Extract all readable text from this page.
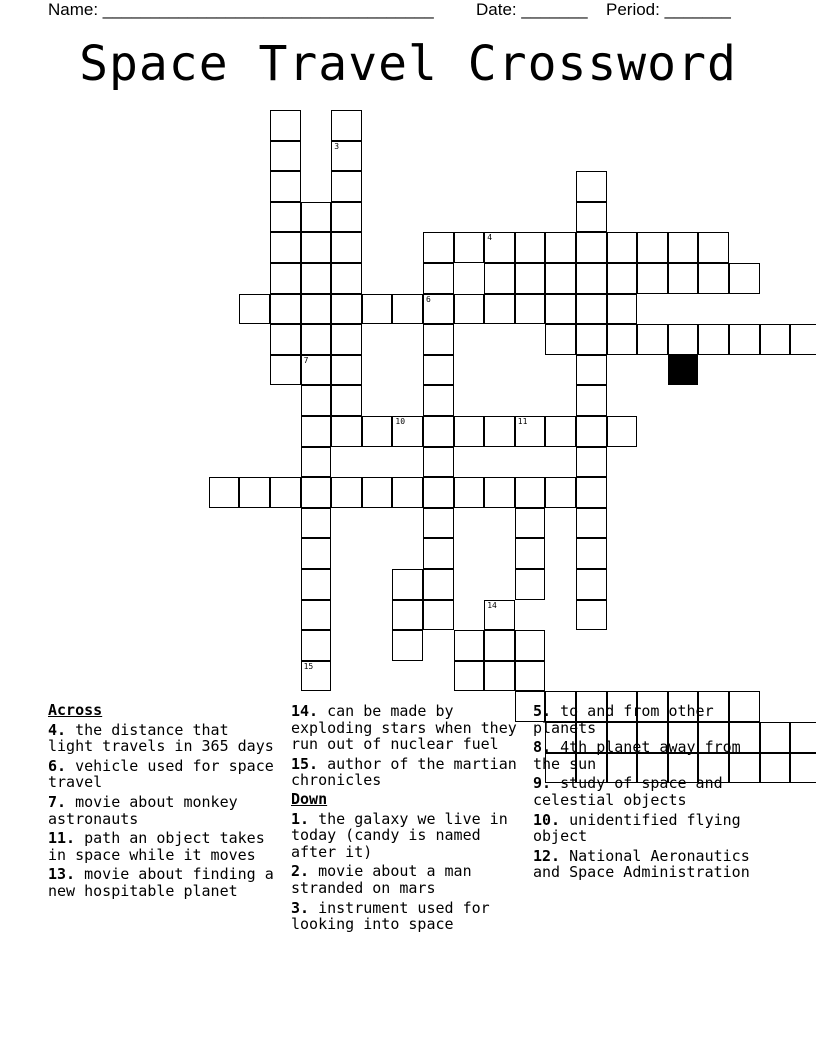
Name: ___________________________________ Date: _______ Period: _______
Space Travel Crossword
3
7
15
6
4
10	11
14
Across
4. the distance that light travels in 365 days
6. vehicle used for space travel
7. movie about monkey astronauts
11. path an object takes in space while it moves
13. movie about finding a new hospitable planet
14. can be made by exploding stars when they run out of nuclear fuel
15. author of the martian chronicles
Down
1. the galaxy we live in today (candy is named after it)
2. movie about a man stranded on mars
3. instrument used for looking into space
5. to and from other planets
8. 4th planet away from the sun
9. study of space and celestial objects
10. unidentified flying object
12. National Aeronautics and Space Administration
